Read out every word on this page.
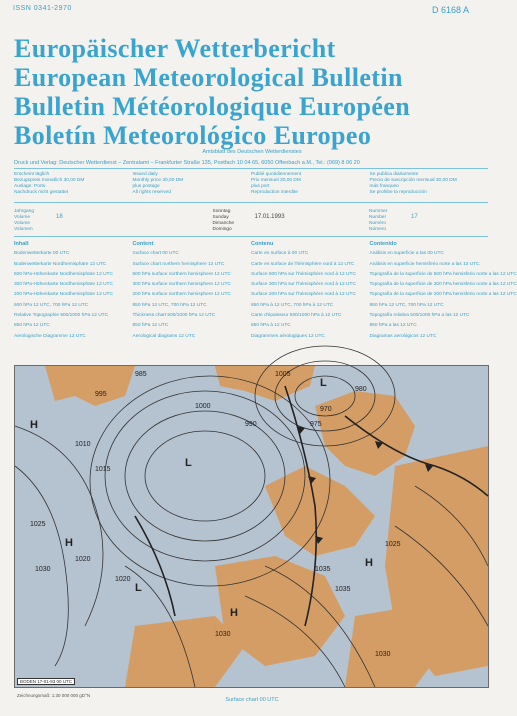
ISSN 0341-2970	D 6168 A
Europäischer Wetterbericht
European Meteorological Bulletin
Bulletin Météorologique Européen
Boletín Meteorológico Europeo
Amtsblatt des Deutschen Wetterdienstes
Druck und Verlag: Deutscher Wetterdienst – Zentralamt – Frankfurter Straße 135, Postfach 10 04 65, 6050 Offenbach a.M., Tel.: (069) 8 06 20
Erscheint täglich
Bezugspreis monatlich 30,00 DM
Auslage: Porto
Nachdruck nicht gestattet
Issued daily
Monthly price 30,00 DM
plus postage
All rights reserved
Publié quotidiennement
Prix mensuel 30,00 DM
plus port
Reproduction interdite
Se publica diariamente
Precio de suscripción mensual 30,00 DM
más franqueo
Se prohibe la reproducción
Jahrgang
Volume
Volume
Volumen
18
Sonntag
Sunday
Dimanche
Domingo
17.01.1993
Nummer
Number
Numéro
Número
17
Inhalt
Bodenwetterkarte 00 UTC
Bodenwetterkarte Nordhemisphäre 12 UTC
500 hPa-Höhenkarte Nordhemisphäre 12 UTC
300 hPa-Höhenkarte Nordhemisphäre 12 UTC
200 hPa-Höhenkarte Nordhemisphäre 12 UTC
500 hPa 12 UTC, 700 hPa 12 UTC
Relative Topographie 500/1000 hPa 12 UTC
850 hPa 12 UTC
Aerologische Diagramme 12 UTC
Content
Surface chart 00 UTC
Surface chart northern hemisphere 12 UTC
500 hPa surface northern hemisphere 12 UTC
300 hPa surface northern hemisphere 12 UTC
200 hPa surface northern hemisphere 12 UTC
850 hPa 12 UTC, 700 hPa 12 UTC
Thickness chart 500/1000 hPa 12 UTC
850 hPa 12 UTC
Aerological diagrams 12 UTC
Contenu
Carte en surface à 00 UTC
Carte en surface de l'hémisphère nord à 12 UTC
Surface 500 hPa sur l'hémisphère nord à 12 UTC
Surface 300 hPa sur l'hémisphère nord à 12 UTC
Surface 200 hPa sur l'hémisphère nord à 12 UTC
850 hPa à 12 UTC, 700 hPa à 12 UTC
Carte d'épaisseur 500/1000 hPa à 12 UTC
850 hPa à 12 UTC
Diagrammes aérologiques 12 UTC
Contenido
Análisis en superficie a las 00 UTC
Análisis en superficie hemisferio norte a las 12 UTC
Topografía de la superficie de 500 hPa hemisferio norte a las 12 UTC
Topografía de la superficie de 300 hPa hemisferio norte a las 12 UTC
Topografía de la superficie de 200 hPa hemisferio norte a las 12 UTC
850 hPa 12 UTC, 700 hPa 12 UTC
Topografía relativa 500/1000 hPa a las 12 UTC
850 hPa a las 12 UTC
Diagramas aerológicos 12 UTC
985
995
1000
1005
1010
1015
1020
1025
1030	1035
975
970
980
990
1025
1030
1020
1035
1030
H
L
H
L
H
L
H
BODEN 17-01-93 00 UTC
Zeichnungsmaß: 1:30 000 000 gD°N
Surface chart 00 UTC
